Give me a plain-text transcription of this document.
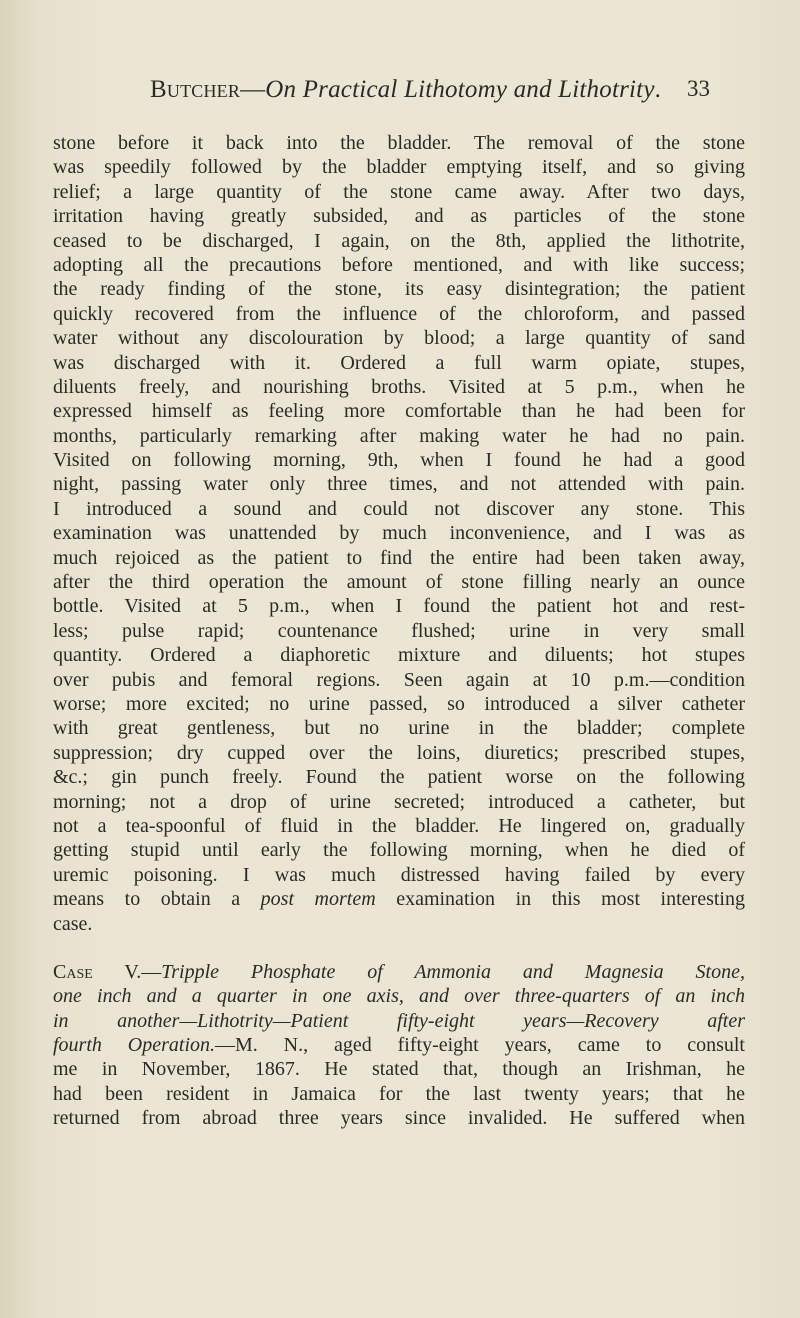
Butcher—On Practical Lithotomy and Lithotrity. 33
stone before it back into the bladder. The removal of the stone
was speedily followed by the bladder emptying itself, and so giving
relief; a large quantity of the stone came away. After two days,
irritation having greatly subsided, and as particles of the stone
ceased to be discharged, I again, on the 8th, applied the lithotrite,
adopting all the precautions before mentioned, and with like success;
the ready finding of the stone, its easy disintegration; the patient
quickly recovered from the influence of the chloroform, and passed
water without any discolouration by blood; a large quantity of sand
was discharged with it. Ordered a full warm opiate, stupes,
diluents freely, and nourishing broths. Visited at 5 p.m., when he
expressed himself as feeling more comfortable than he had been for
months, particularly remarking after making water he had no pain.
Visited on following morning, 9th, when I found he had a good
night, passing water only three times, and not attended with pain.
I introduced a sound and could not discover any stone. This
examination was unattended by much inconvenience, and I was as
much rejoiced as the patient to find the entire had been taken away,
after the third operation the amount of stone filling nearly an ounce
bottle. Visited at 5 p.m., when I found the patient hot and rest-
less; pulse rapid; countenance flushed; urine in very small
quantity. Ordered a diaphoretic mixture and diluents; hot stupes
over pubis and femoral regions. Seen again at 10 p.m.—condition
worse; more excited; no urine passed, so introduced a silver catheter
with great gentleness, but no urine in the bladder; complete
suppression; dry cupped over the loins, diuretics; prescribed stupes,
&c.; gin punch freely. Found the patient worse on the following
morning; not a drop of urine secreted; introduced a catheter, but
not a tea-spoonful of fluid in the bladder. He lingered on, gradually
getting stupid until early the following morning, when he died of
uremic poisoning. I was much distressed having failed by every
means to obtain a post mortem examination in this most interesting
case.
Case V.—Tripple Phosphate of Ammonia and Magnesia Stone,
one inch and a quarter in one axis, and over three-quarters of an inch
in another—Lithotrity—Patient fifty-eight years—Recovery after
fourth Operation.—M. N., aged fifty-eight years, came to consult
me in November, 1867. He stated that, though an Irishman, he
had been resident in Jamaica for the last twenty years; that he
returned from abroad three years since invalided. He suffered when
